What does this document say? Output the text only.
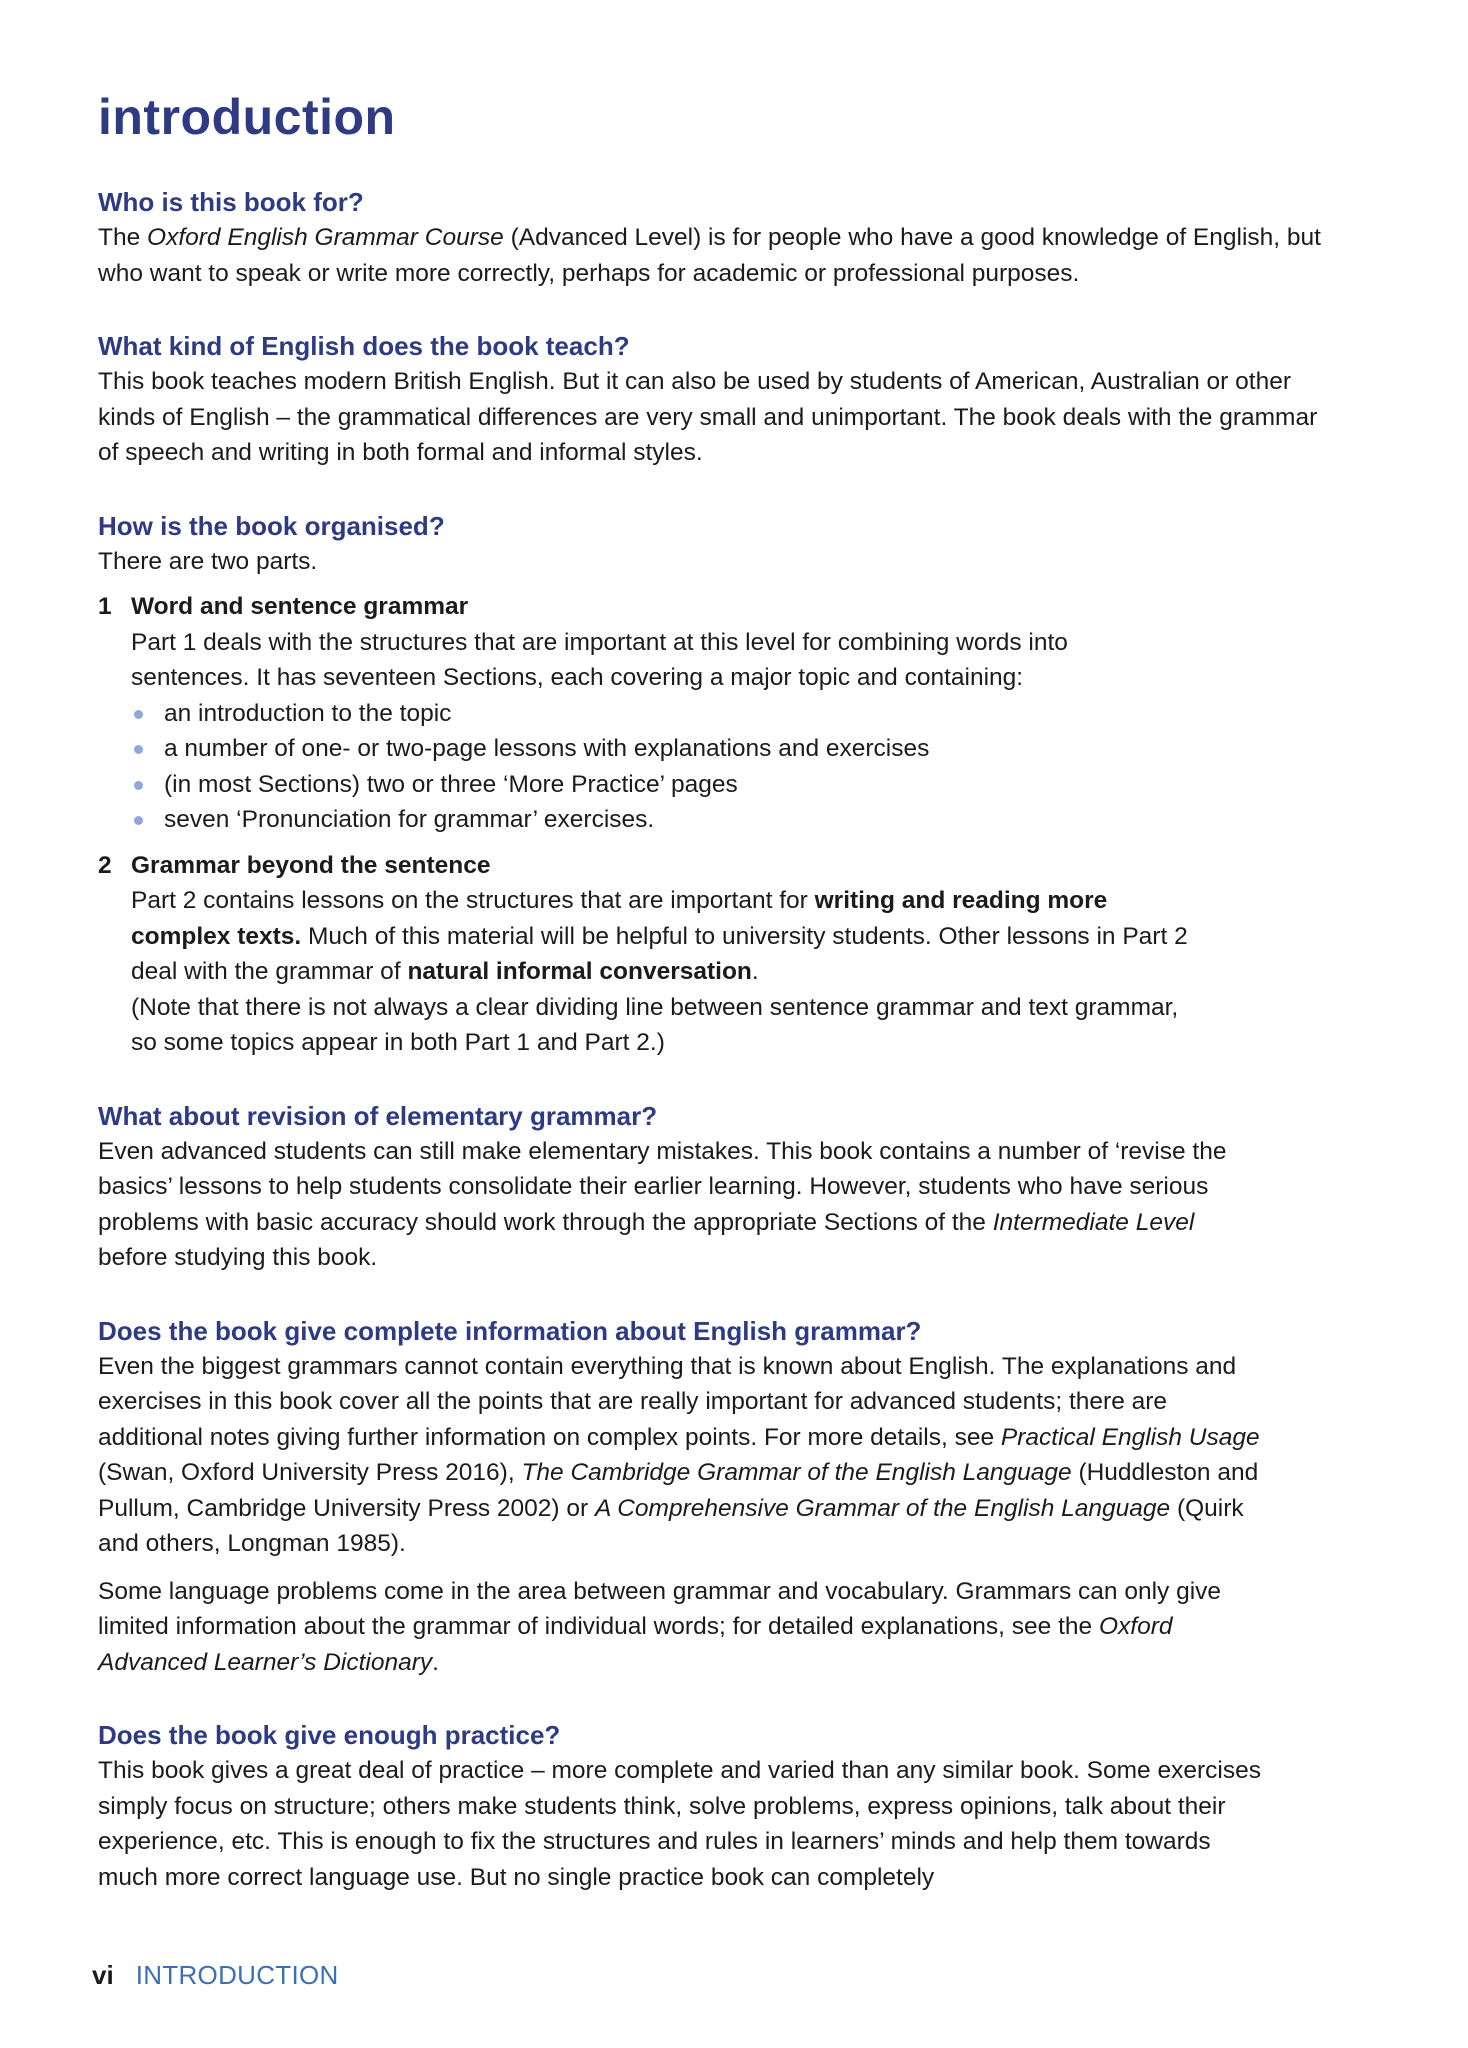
introduction
Who is this book for?

The Oxford English Grammar Course (Advanced Level) is for people who have a good knowledge of English, but who want to speak or write more correctly, perhaps for academic or professional purposes.

What kind of English does the book teach?

This book teaches modern British English. But it can also be used by students of American, Australian or other kinds of English – the grammatical differences are very small and unimportant. The book deals with the grammar of speech and writing in both formal and informal styles.

How is the book organised?

There are two parts.

1 Word and sentence grammar

Part 1 deals with the structures that are important at this level for combining words into sentences. It has seventeen Sections, each covering a major topic and containing:

an introduction to the topic
a number of one- or two-page lessons with explanations and exercises
(in most Sections) two or three ‘More Practice’ pages
seven ‘Pronunciation for grammar’ exercises.
2 Grammar beyond the sentence

Part 2 contains lessons on the structures that are important for writing and reading more complex texts. Much of this material will be helpful to university students. Other lessons in Part 2 deal with the grammar of natural informal conversation.

(Note that there is not always a clear dividing line between sentence grammar and text grammar, so some topics appear in both Part 1 and Part 2.)

What about revision of elementary grammar?

Even advanced students can still make elementary mistakes. This book contains a number of ‘revise the basics’ lessons to help students consolidate their earlier learning. However, students who have serious problems with basic accuracy should work through the appropriate Sections of the Intermediate Level before studying this book.

Does the book give complete information about English grammar?

Even the biggest grammars cannot contain everything that is known about English. The explanations and exercises in this book cover all the points that are really important for advanced students; there are additional notes giving further information on complex points. For more details, see Practical English Usage (Swan, Oxford University Press 2016), The Cambridge Grammar of the English Language (Huddleston and Pullum, Cambridge University Press 2002) or A Comprehensive Grammar of the English Language (Quirk and others, Longman 1985).

Some language problems come in the area between grammar and vocabulary. Grammars can only give limited information about the grammar of individual words; for detailed explanations, see the Oxford Advanced Learner’s Dictionary.

Does the book give enough practice?

This book gives a great deal of practice – more complete and varied than any similar book. Some exercises simply focus on structure; others make students think, solve problems, express opinions, talk about their experience, etc. This is enough to fix the structures and rules in learners’ minds and help them towards much more correct language use. But no single practice book can completely

vi INTRODUCTION
